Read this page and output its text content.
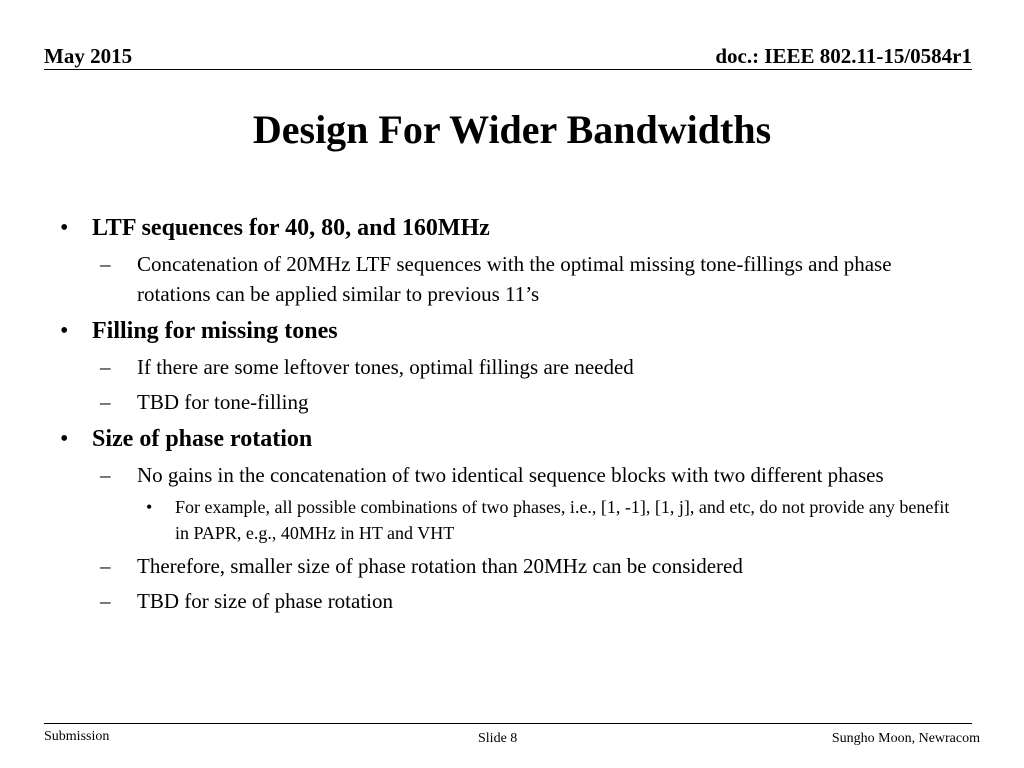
May 2015	doc.: IEEE 802.11-15/0584r1
Design For Wider Bandwidths
• LTF sequences for 40, 80, and 160MHz
– Concatenation of 20MHz LTF sequences with the optimal missing tone-fillings and phase rotations can be applied similar to previous 11’s
• Filling for missing tones
– If there are some leftover tones, optimal fillings are needed
– TBD for tone-filling
• Size of phase rotation
– No gains in the concatenation of two identical sequence blocks with two different phases
• For example, all possible combinations of two phases, i.e., [1, -1], [1, j], and etc, do not provide any benefit in PAPR, e.g., 40MHz in HT and VHT
– Therefore, smaller size of phase rotation than 20MHz can be considered
– TBD for size of phase rotation
Submission	Slide 8	Sungho Moon, Newracom
